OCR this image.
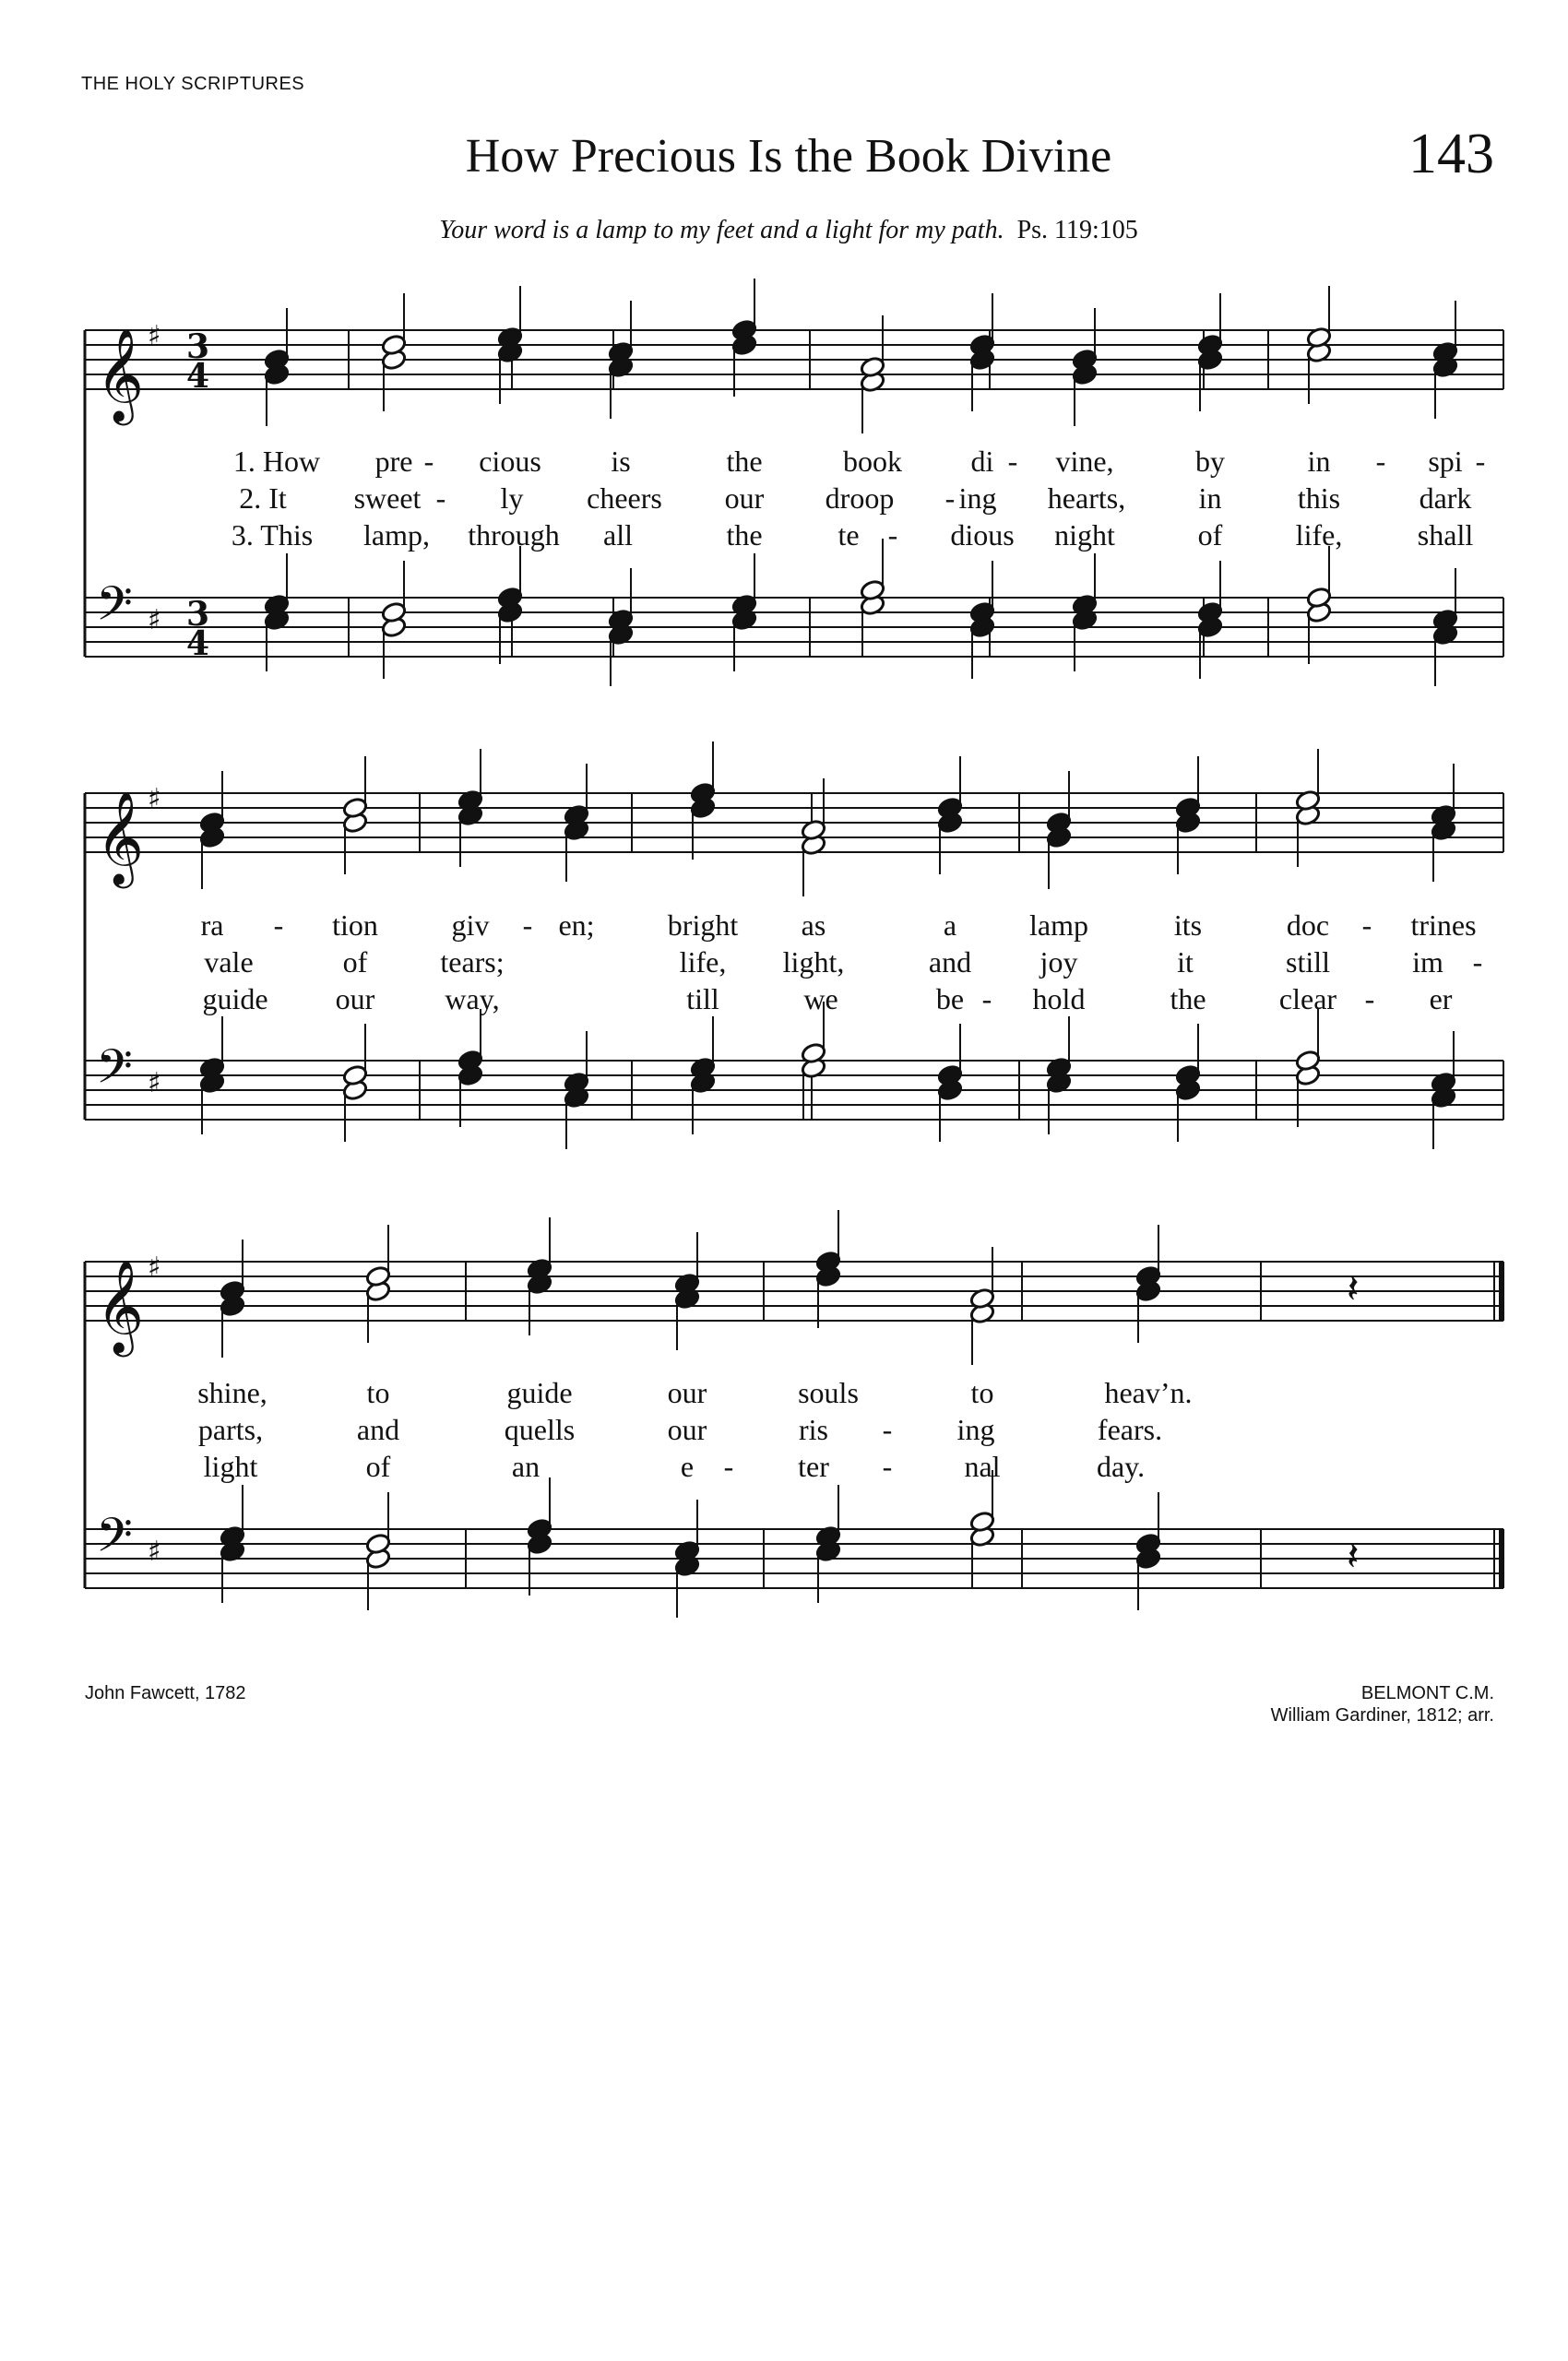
THE HOLY SCRIPTURES
How Precious Is the Book Divine	143
Your word is a lamp to my feet and a light for my path. Ps. 119:105
𝄞 ♯ 3
4
𝄢 ♯ 3
4
𝄞 ♯
𝄢 ♯
𝄞 ♯
𝄢 ♯
𝄽
𝄽
1. How pre - cious is	the	book di - vine,	by	in - spi -
2. It sweet - ly cheers our droop - ing hearts, in	this	dark
3. This lamp, through all	the	te - dious night	of life,	shall
ra - tion giv - en; bright as	a lamp	its	doc - trines
vale	of tears;	life, light,	and joy	it	still	im -
guide our way,	till	we	be - hold	the clear - er
shine,	to	guide	our	souls	to	heav’n.
parts,	and	quells	our	ris - ing	fears.
light	of	an	e - ter - nal	day.
John Fawcett, 1782	BELMONT C.M.
William Gardiner, 1812; arr.
